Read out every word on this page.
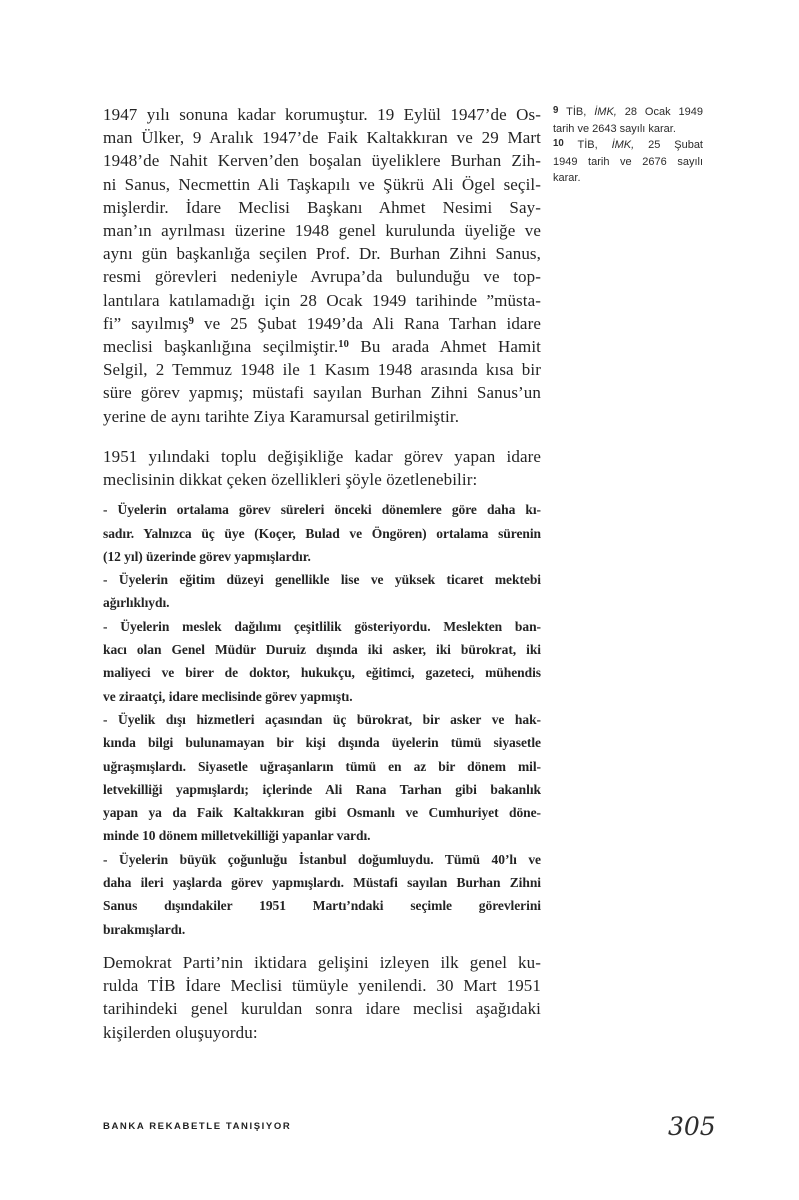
1947 yılı sonuna kadar korumuştur. 19 Eylül 1947’de Os-
man Ülker, 9 Aralık 1947’de Faik Kaltakkıran ve 29 Mart
1948’de Nahit Kerven’den boşalan üyeliklere Burhan Zih-
ni Sanus, Necmettin Ali Taşkapılı ve Şükrü Ali Ögel seçil-
mişlerdir. İdare Meclisi Başkanı Ahmet Nesimi Say-
man’ın ayrılması üzerine 1948 genel kurulunda üyeliğe ve
aynı gün başkanlığa seçilen Prof. Dr. Burhan Zihni Sanus,
resmi görevleri nedeniyle Avrupa’da bulunduğu ve top-
lantılara katılamadığı için 28 Ocak 1949 tarihinde ”müsta-
fi” sayılmış$^9$ ve 25 Şubat 1949’da Ali Rana Tarhan idare
meclisi başkanlığına seçilmiştir.$^{10}$ Bu arada Ahmet Hamit
Selgil, 2 Temmuz 1948 ile 1 Kasım 1948 arasında kısa bir
süre görev yapmış; müstafi sayılan Burhan Zihni Sanus’un
yerine de aynı tarihte Ziya Karamursal getirilmiştir.
1951 yılındaki toplu değişikliğe kadar görev yapan idare
meclisinin dikkat çeken özellikleri şöyle özetlenebilir:
- Üyelerin ortalama görev süreleri önceki dönemlere göre daha kı-
sadır. Yalnızca üç üye (Koçer, Bulad ve Öngören) ortalama sürenin
(12 yıl) üzerinde görev yapmışlardır.
- Üyelerin eğitim düzeyi genellikle lise ve yüksek ticaret mektebi
ağırlıklıydı.
- Üyelerin meslek dağılımı çeşitlilik gösteriyordu. Meslekten ban-
kacı olan Genel Müdür Duruiz dışında iki asker, iki bürokrat, iki
maliyeci ve birer de doktor, hukukçu, eğitimci, gazeteci, mühendis
ve ziraatçi, idare meclisinde görev yapmıştı.
- Üyelik dışı hizmetleri açasından üç bürokrat, bir asker ve hak-
kında bilgi bulunamayan bir kişi dışında üyelerin tümü siyasetle
uğraşmışlardı. Siyasetle uğraşanların tümü en az bir dönem mil-
letvekilliği yapmışlardı; içlerinde Ali Rana Tarhan gibi bakanlık
yapan ya da Faik Kaltakkıran gibi Osmanlı ve Cumhuriyet döne-
minde 10 dönem milletvekilliği yapanlar vardı.
- Üyelerin büyük çoğunluğu İstanbul doğumluydu. Tümü 40’lı ve
daha ileri yaşlarda görev yapmışlardı. Müstafi sayılan Burhan Zihni
Sanus dışındakiler 1951 Martı’ndaki seçimle görevlerini
bırakmışlardı.
Demokrat Parti’nin iktidara gelişini izleyen ilk genel ku-
rulda TİB İdare Meclisi tümüyle yenilendi. 30 Mart 1951
tarihindeki genel kuruldan sonra idare meclisi aşağıdaki
kişilerden oluşuyordu:
$^9$ TİB, İMK, 28 Ocak 1949
tarih ve 2643 sayılı karar.
$^{10}$ TİB, İMK, 25 Şubat
1949 tarih ve 2676 sayılı
karar.
BANKA REKABETLE TANIŞIYOR	305
